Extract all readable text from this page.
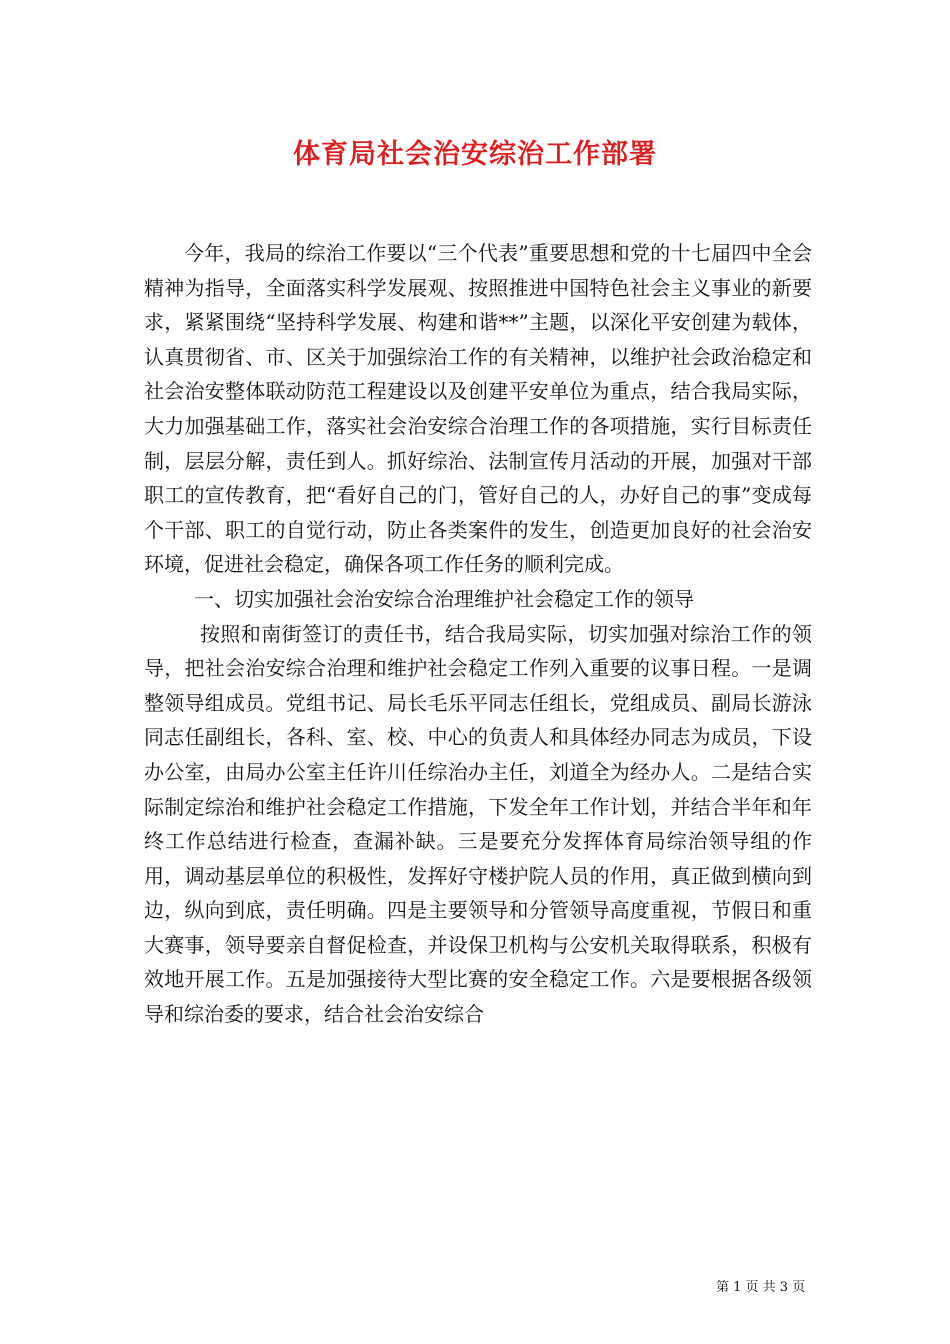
体育局社会治安综治工作部署

今年，我局的综治工作要以“三个代表”重要思想和党的十七届四中全会精神为指导，全面落实科学发展观、按照推进中国特色社会主义事业的新要求，紧紧围绕“坚持科学发展、构建和谐**”主题，以深化平安创建为载体，认真贯彻省、市、区关于加强综治工作的有关精神，以维护社会政治稳定和社会治安整体联动防范工程建设以及创建平安单位为重点，结合我局实际，大力加强基础工作，落实社会治安综合治理工作的各项措施，实行目标责任制，层层分解，责任到人。抓好综治、法制宣传月活动的开展，加强对干部职工的宣传教育，把“看好自己的门，管好自己的人，办好自己的事”变成每个干部、职工的自觉行动，防止各类案件的发生，创造更加良好的社会治安环境，促进社会稳定，确保各项工作任务的顺利完成。

一、切实加强社会治安综合治理维护社会稳定工作的领导

按照和南街签订的责任书，结合我局实际，切实加强对综治工作的领导，把社会治安综合治理和维护社会稳定工作列入重要的议事日程。一是调整领导组成员。党组书记、局长毛乐平同志任组长，党组成员、副局长游泳同志任副组长，各科、室、校、中心的负责人和具体经办同志为成员，下设办公室，由局办公室主任许川任综治办主任，刘道全为经办人。二是结合实际制定综治和维护社会稳定工作措施，下发全年工作计划，并结合半年和年终工作总结进行检查，查漏补缺。三是要充分发挥体育局综治领导组的作用，调动基层单位的积极性，发挥好守楼护院人员的作用，真正做到横向到边，纵向到底，责任明确。四是主要领导和分管领导高度重视，节假日和重大赛事，领导要亲自督促检查，并设保卫机构与公安机关取得联系，积极有效地开展工作。五是加强接待大型比赛的安全稳定工作。六是要根据各级领导和综治委的要求，结合社会治安综合

第 1 页 共 3 页
